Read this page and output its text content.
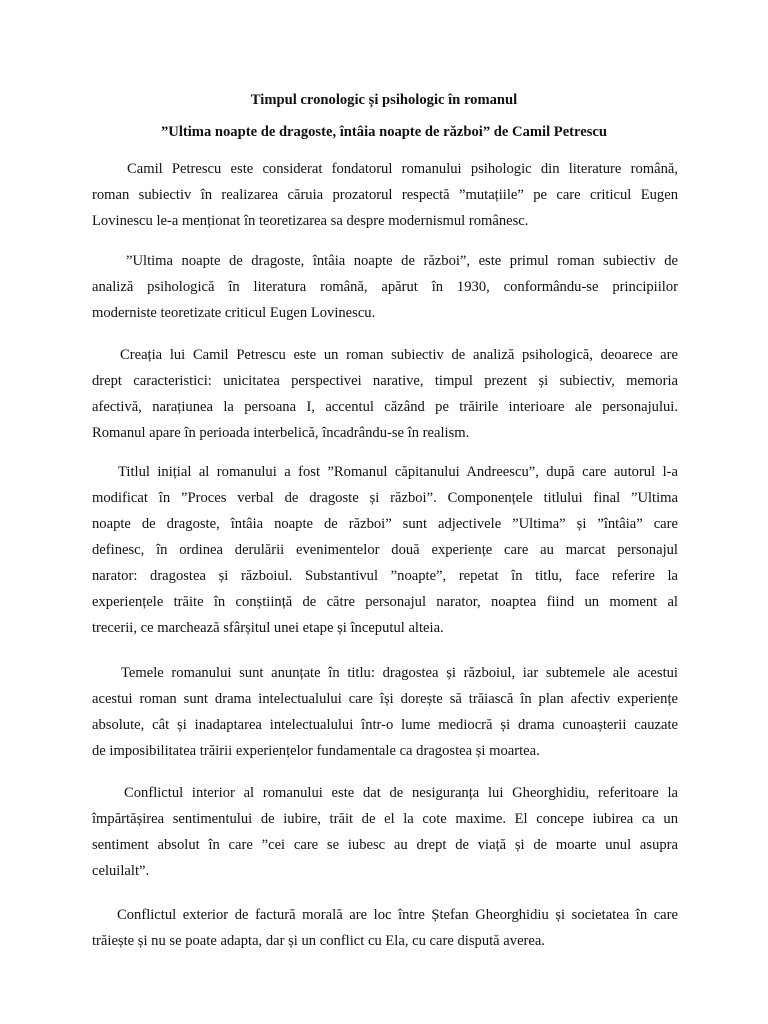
Timpul cronologic și psihologic în romanul
”Ultima noapte de dragoste, întâia noapte de război” de Camil Petrescu
Camil Petrescu este considerat fondatorul romanului psihologic din literature română,
roman subiectiv în realizarea căruia prozatorul respectă ”mutațiile” pe care criticul Eugen
Lovinescu le-a menționat în teoretizarea sa despre modernismul românesc.
”Ultima noapte de dragoste, întâia noapte de război”, este primul roman subiectiv de
analiză psihologică în literatura română, apărut în 1930, conformându-se principiilor
moderniste teoretizate criticul Eugen Lovinescu.
Creația lui Camil Petrescu este un roman subiectiv de analiză psihologică, deoarece are
drept caracteristici: unicitatea perspectivei narative, timpul prezent și subiectiv, memoria
afectivă, narațiunea la persoana I, accentul căzând pe trăirile interioare ale personajului.
Romanul apare în perioada interbelică, încadrându-se în realism.
Titlul inițial al romanului a fost ”Romanul căpitanului Andreescu”, după care autorul l-a
modificat în ”Proces verbal de dragoste și război”. Componențele titlului final ”Ultima
noapte de dragoste, întâia noapte de război” sunt adjectivele ”Ultima” și ”întâia” care
definesc, în ordinea derulării evenimentelor două experiențe care au marcat personajul
narator: dragostea și războiul. Substantivul ”noapte”, repetat în titlu, face referire la
experiențele trăite în conștiință de către personajul narator, noaptea fiind un moment al
trecerii, ce marchează sfârșitul unei etape și începutul alteia.
Temele romanului sunt anunțate în titlu: dragostea și războiul, iar subtemele ale acestui
acestui roman sunt drama intelectualului care își dorește să trăiască în plan afectiv experiențe
absolute, cât și inadaptarea intelectualului într-o lume mediocră și drama cunoașterii cauzate
de imposibilitatea trăirii experiențelor fundamentale ca dragostea și moartea.
Conflictul interior al romanului este dat de nesiguranța lui Gheorghidiu, referitoare la
împărtășirea sentimentului de iubire, trăit de el la cote maxime. El concepe iubirea ca un
sentiment absolut în care ”cei care se iubesc au drept de viață și de moarte unul asupra
celuilalt”.
Conflictul exterior de factură morală are loc între Ștefan Gheorghidiu și societatea în care
trăiește și nu se poate adapta, dar și un conflict cu Ela, cu care dispută averea.
